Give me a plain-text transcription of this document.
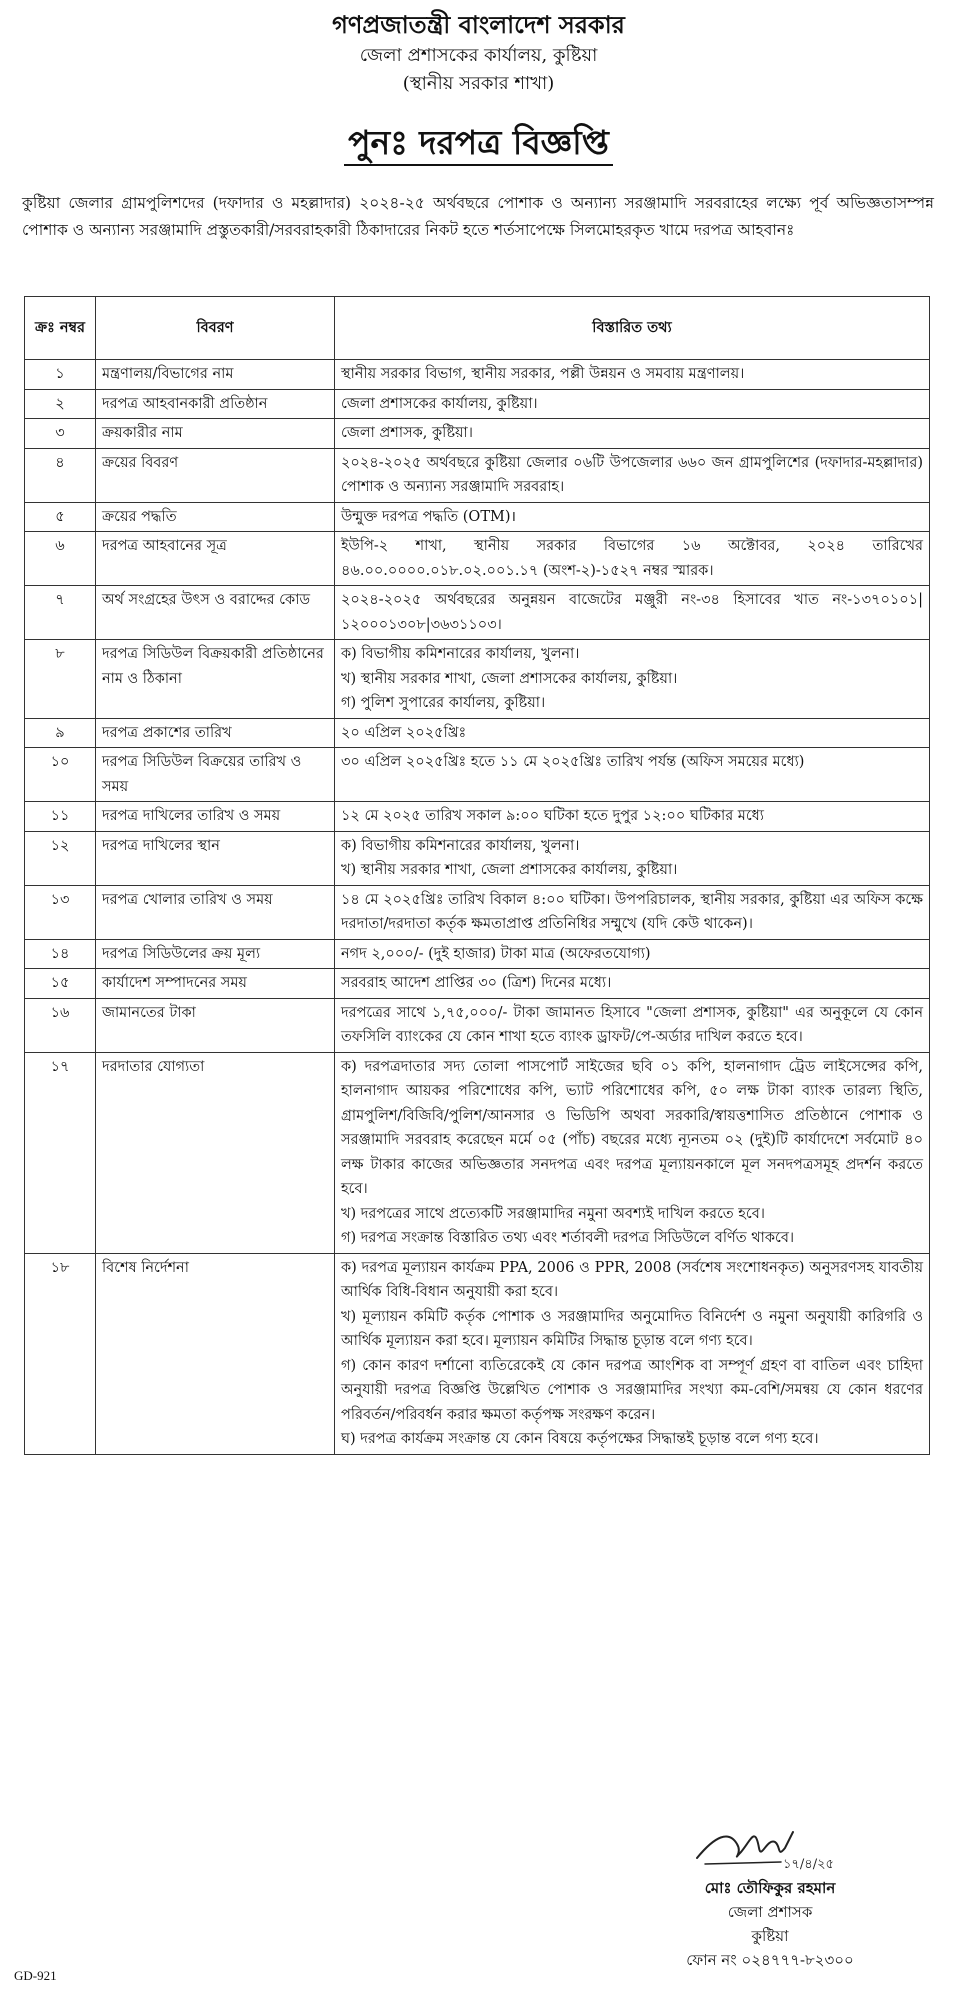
গণপ্রজাতন্ত্রী বাংলাদেশ সরকার
জেলা প্রশাসকের কার্যালয়, কুষ্টিয়া
(স্থানীয় সরকার শাখা)
পুনঃ দরপত্র বিজ্ঞপ্তি

কুষ্টিয়া জেলার গ্রামপুলিশদের (দফাদার ও মহল্লাদার) ২০২৪-২৫ অর্থবছরে পোশাক ও অন্যান্য সরঞ্জামাদি সরবরাহের লক্ষ্যে পূর্ব অভিজ্ঞতাসম্পন্ন পোশাক ও অন্যান্য সরঞ্জামাদি প্রস্তুতকারী/সরবরাহকারী ঠিকাদারের নিকট হতে শর্তসাপেক্ষে সিলমোহরকৃত খামে দরপত্র আহবানঃ

ক্রঃ নম্বর	বিবরণ	বিস্তারিত তথ্য
১	মন্ত্রণালয়/বিভাগের নাম	স্থানীয় সরকার বিভাগ, স্থানীয় সরকার, পল্লী উন্নয়ন ও সমবায় মন্ত্রণালয়।

২	দরপত্র আহবানকারী প্রতিষ্ঠান	জেলা প্রশাসকের কার্যালয়, কুষ্টিয়া।

৩	ক্রয়কারীর নাম	জেলা প্রশাসক, কুষ্টিয়া।

৪	ক্রয়ের বিবরণ	২০২৪-২০২৫ অর্থবছরে কুষ্টিয়া জেলার ০৬টি উপজেলার ৬৬০ জন গ্রামপুলিশের (দফাদার-মহল্লাদার) পোশাক ও অন্যান্য সরঞ্জামাদি সরবরাহ।

৫	ক্রয়ের পদ্ধতি	উন্মুক্ত দরপত্র পদ্ধতি (OTM)।

৬	দরপত্র আহবানের সূত্র	ইউপি-২ শাখা, স্থানীয় সরকার বিভাগের ১৬ অক্টোবর, ২০২৪ তারিখের ৪৬.০০.০০০০.০১৮.০২.০০১.১৭ (অংশ-২)-১৫২৭ নম্বর স্মারক।

৭	অর্থ সংগ্রহের উৎস ও বরাদ্দের কোড	২০২৪-২০২৫ অর্থবছরের অনুন্নয়ন বাজেটের মঞ্জুরী নং-৩৪ হিসাবের খাত নং-১৩৭০১০১|১২০০০১৩০৮|৩৬৩১১০৩।

৮	দরপত্র সিডিউল বিক্রয়কারী প্রতিষ্ঠানের নাম ও ঠিকানা	ক) বিভাগীয় কমিশনারের কার্যালয়, খুলনা।
খ) স্থানীয় সরকার শাখা, জেলা প্রশাসকের কার্যালয়, কুষ্টিয়া।
গ) পুলিশ সুপারের কার্যালয়, কুষ্টিয়া।

৯	দরপত্র প্রকাশের তারিখ	২০ এপ্রিল ২০২৫খ্রিঃ

১০	দরপত্র সিডিউল বিক্রয়ের তারিখ ও সময়	৩০ এপ্রিল ২০২৫খ্রিঃ হতে ১১ মে ২০২৫খ্রিঃ তারিখ পর্যন্ত (অফিস সময়ের মধ্যে)

১১	দরপত্র দাখিলের তারিখ ও সময়	১২ মে ২০২৫ তারিখ সকাল ৯:০০ ঘটিকা হতে দুপুর ১২:০০ ঘটিকার মধ্যে

১২	দরপত্র দাখিলের স্থান	ক) বিভাগীয় কমিশনারের কার্যালয়, খুলনা।
খ) স্থানীয় সরকার শাখা, জেলা প্রশাসকের কার্যালয়, কুষ্টিয়া।

১৩	দরপত্র খোলার তারিখ ও সময়	১৪ মে ২০২৫খ্রিঃ তারিখ বিকাল ৪:০০ ঘটিকা। উপপরিচালক, স্থানীয় সরকার, কুষ্টিয়া এর অফিস কক্ষে দরদাতা/দরদাতা কর্তৃক ক্ষমতাপ্রাপ্ত প্রতিনিধির সম্মুখে (যদি কেউ থাকেন)।

১৪	দরপত্র সিডিউলের ক্রয় মূল্য	নগদ ২,০০০/- (দুই হাজার) টাকা মাত্র (অফেরতযোগ্য)

১৫	কার্যাদেশ সম্পাদনের সময়	সরবরাহ আদেশ প্রাপ্তির ৩০ (ত্রিশ) দিনের মধ্যে।

১৬	জামানতের টাকা	দরপত্রের সাথে ১,৭৫,০০০/- টাকা জামানত হিসাবে "জেলা প্রশাসক, কুষ্টিয়া" এর অনুকূলে যে কোন তফসিলি ব্যাংকের যে কোন শাখা হতে ব্যাংক ড্রাফট/পে-অর্ডার দাখিল করতে হবে।

১৭	দরদাতার যোগ্যতা	ক) দরপত্রদাতার সদ্য তোলা পাসপোর্ট সাইজের ছবি ০১ কপি, হালনাগাদ ট্রেড লাইসেন্সের কপি, হালনাগাদ আয়কর পরিশোধের কপি, ভ্যাট পরিশোধের কপি, ৫০ লক্ষ টাকা ব্যাংক তারল্য স্থিতি, গ্রামপুলিশ/বিজিবি/পুলিশ/আনসার ও ভিডিপি অথবা সরকারি/স্বায়ত্তশাসিত প্রতিষ্ঠানে পোশাক ও সরঞ্জামাদি সরবরাহ করেছেন মর্মে ০৫ (পাঁচ) বছরের মধ্যে ন্যূনতম ০২ (দুই)টি কার্যাদেশে সর্বমোট ৪০ লক্ষ টাকার কাজের অভিজ্ঞতার সনদপত্র এবং দরপত্র মূল্যায়নকালে মূল সনদপত্রসমূহ প্রদর্শন করতে হবে।
খ) দরপত্রের সাথে প্রত্যেকটি সরঞ্জামাদির নমুনা অবশ্যই দাখিল করতে হবে।
গ) দরপত্র সংক্রান্ত বিস্তারিত তথ্য এবং শর্তাবলী দরপত্র সিডিউলে বর্ণিত থাকবে।

১৮	বিশেষ নির্দেশনা	ক) দরপত্র মূল্যায়ন কার্যক্রম PPA, 2006 ও PPR, 2008 (সর্বশেষ সংশোধনকৃত) অনুসরণসহ যাবতীয় আর্থিক বিধি-বিধান অনুযায়ী করা হবে।
খ) মূল্যায়ন কমিটি কর্তৃক পোশাক ও সরঞ্জামাদির অনুমোদিত বিনির্দেশ ও নমুনা অনুযায়ী কারিগরি ও আর্থিক মূল্যায়ন করা হবে। মূল্যায়ন কমিটির সিদ্ধান্ত চূড়ান্ত বলে গণ্য হবে।
গ) কোন কারণ দর্শানো ব্যতিরেকেই যে কোন দরপত্র আংশিক বা সম্পূর্ণ গ্রহণ বা বাতিল এবং চাহিদা অনুযায়ী দরপত্র বিজ্ঞপ্তি উল্লেখিত পোশাক ও সরঞ্জামাদির সংখ্যা কম-বেশি/সমন্বয় যে কোন ধরণের পরিবর্তন/পরিবর্ধন করার ক্ষমতা কর্তৃপক্ষ সংরক্ষণ করেন।
ঘ) দরপত্র কার্যক্রম সংক্রান্ত যে কোন বিষয়ে কর্তৃপক্ষের সিদ্ধান্তই চূড়ান্ত বলে গণ্য হবে।
১৭/৪/২৫
মোঃ তৌফিকুর রহমান
জেলা প্রশাসক
কুষ্টিয়া
ফোন নং ০২৪৭৭৭-৮২৩০০
GD-921
